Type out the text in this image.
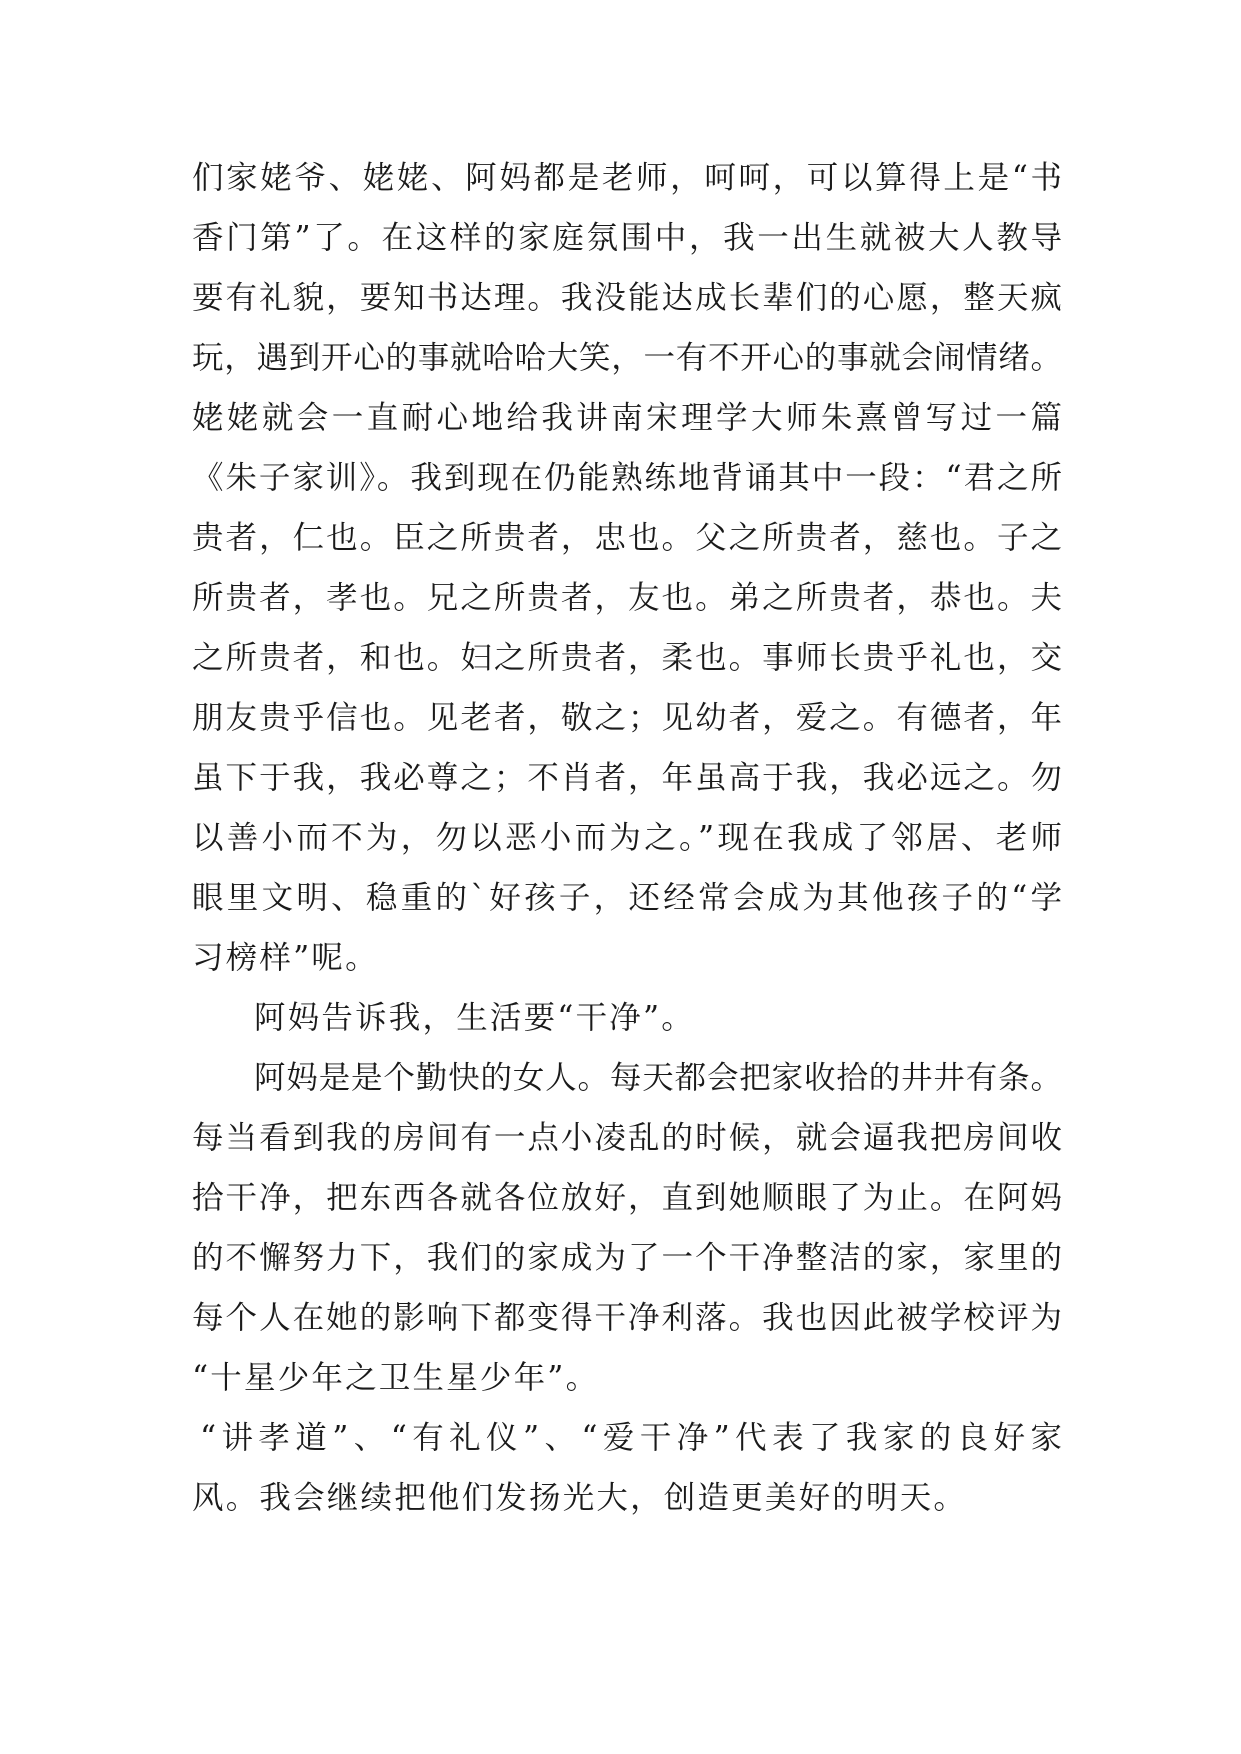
们家姥爷、姥姥、阿妈都是老师，呵呵，可以算得上是“书
香门第”了。在这样的家庭氛围中，我一出生就被大人教导
要有礼貌，要知书达理。我没能达成长辈们的心愿，整天疯
玩，遇到开心的事就哈哈大笑，一有不开心的事就会闹情绪。
姥姥就会一直耐心地给我讲南宋理学大师朱熹曾写过一篇
《朱子家训》。我到现在仍能熟练地背诵其中一段：“君之所
贵者，仁也。臣之所贵者，忠也。父之所贵者，慈也。子之
所贵者，孝也。兄之所贵者，友也。弟之所贵者，恭也。夫
之所贵者，和也。妇之所贵者，柔也。事师长贵乎礼也，交
朋友贵乎信也。见老者，敬之；见幼者，爱之。有德者，年
虽下于我，我必尊之；不肖者，年虽高于我，我必远之。勿
以善小而不为，勿以恶小而为之。”现在我成了邻居、老师
眼里文明、稳重的`好孩子，还经常会成为其他孩子的“学
习榜样”呢。
阿妈告诉我，生活要“干净”。
阿妈是是个勤快的女人。每天都会把家收拾的井井有条。
每当看到我的房间有一点小凌乱的时候，就会逼我把房间收
拾干净，把东西各就各位放好，直到她顺眼了为止。在阿妈
的不懈努力下，我们的家成为了一个干净整洁的家，家里的
每个人在她的影响下都变得干净利落。我也因此被学校评为
“十星少年之卫生星少年”。
“讲孝道”、“有礼仪”、“爱干净”代表了我家的良好家
风。我会继续把他们发扬光大，创造更美好的明天。
